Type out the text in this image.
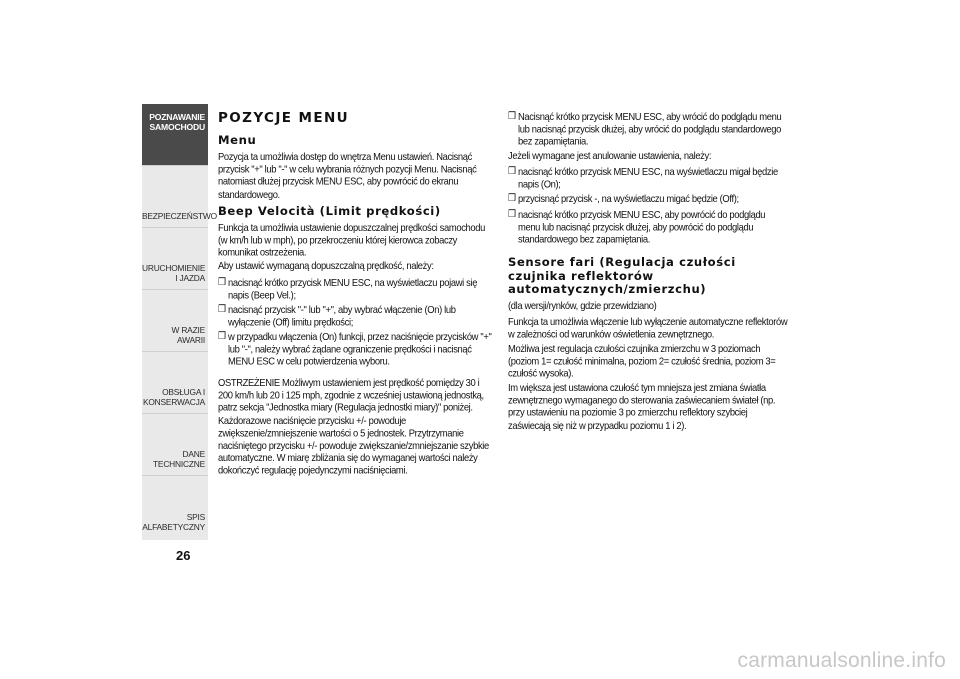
POZNAWANIE SAMOCHODU
BEZPIECZEŃSTWO
URUCHOMIENIE I JAZDA
W RAZIE AWARII
OBSŁUGA I KONSERWACJA
DANE TECHNICZNE
SPIS ALFABETYCZNY
26
POZYCJE MENU
Menu

Pozycja ta umożliwia dostęp do wnętrza Menu ustawień. Nacisnąć przycisk "+" lub "-" w celu wybrania różnych pozycji Menu. Nacisnąć natomiast dłużej przycisk MENU ESC, aby powrócić do ekranu standardowego.

Beep Velocità (Limit prędkości)

Funkcja ta umożliwia ustawienie dopuszczalnej prędkości samochodu (w km/h lub w mph), po przekroczeniu której kierowca zobaczy komunikat ostrzeżenia.

Aby ustawić wymaganą dopuszczalną prędkość, należy:

❒ nacisnąć krótko przycisk MENU ESC, na wyświetlaczu pojawi się napis (Beep Vel.);
❒ nacisnąć przycisk "-" lub "+", aby wybrać włączenie (On) lub wyłączenie (Off) limitu prędkości;
❒ w przypadku włączenia (On) funkcji, przez naciśnięcie przycisków "+" lub "-", należy wybrać żądane ograniczenie prędkości i nacisnąć MENU ESC w celu potwierdzenia wyboru.

OSTRZEŻENIE Możliwym ustawieniem jest prędkość pomiędzy 30 i 200 km/h lub 20 i 125 mph, zgodnie z wcześniej ustawioną jednostką, patrz sekcja "Jednostka miary (Regulacja jednostki miary)" poniżej. Każdorazowe naciśnięcie przycisku +/- powoduje zwiększenie/zmniejszenie wartości o 5 jednostek. Przytrzymanie naciśniętego przycisku +/- powoduje zwiększanie/zmniejszanie szybkie automatyczne. W miarę zbliżania się do wymaganej wartości należy dokończyć regulację pojedynczymi naciśnięciami.

❒ Nacisnąć krótko przycisk MENU ESC, aby wrócić do podglądu menu lub nacisnąć przycisk dłużej, aby wrócić do podglądu standardowego bez zapamiętania.

Jeżeli wymagane jest anulowanie ustawienia, należy:

❒ nacisnąć krótko przycisk MENU ESC, na wyświetlaczu migał będzie napis (On);
❒ przycisnąć przycisk -, na wyświetlaczu migać będzie (Off);
❒ nacisnąć krótko przycisk MENU ESC, aby powrócić do podglądu menu lub nacisnąć przycisk dłużej, aby powrócić do podglądu standardowego bez zapamiętania.
Sensore fari (Regulacja czułości czujnika reflektorów automatycznych/zmierzchu)

(dla wersji/rynków, gdzie przewidziano)

Funkcja ta umożliwia włączenie lub wyłączenie automatyczne reflektorów w zależności od warunków oświetlenia zewnętrznego.

Możliwa jest regulacja czułości czujnika zmierzchu w 3 poziomach (poziom 1= czułość minimalna, poziom 2= czułość średnia, poziom 3= czułość wysoka).

Im większa jest ustawiona czułość tym mniejsza jest zmiana światła zewnętrznego wymaganego do sterowania zaświecaniem świateł (np. przy ustawieniu na poziomie 3 po zmierzchu reflektory szybciej zaświecają się niż w przypadku poziomu 1 i 2).

carmanualsonline.info
